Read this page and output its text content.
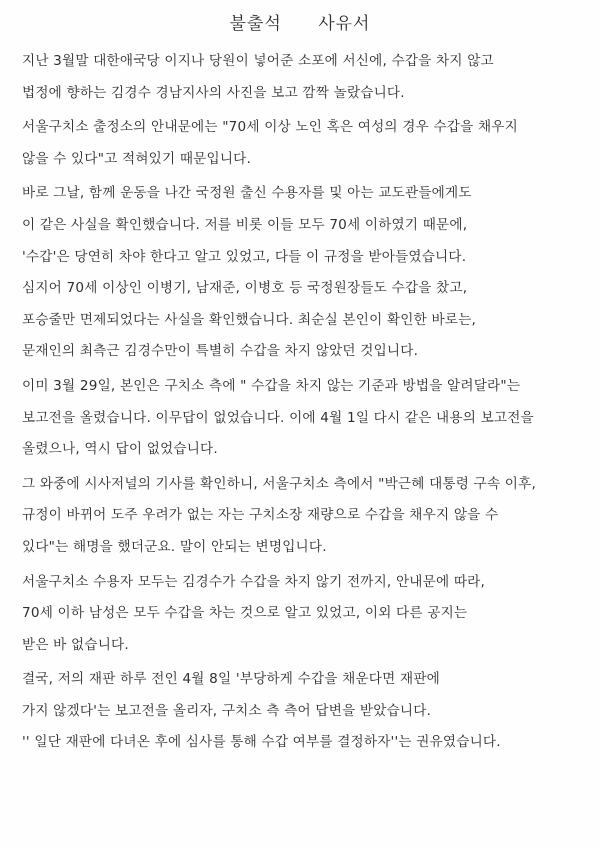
불출석 사유서
지난 3월말 대한애국당 이지나 당원이 넣어준 소포에 서신에, 수갑을 차지 않고
법정에 향하는 김경수 경남지사의 사진을 보고 깜짝 놀랐습니다.
서울구치소 출정소의 안내문에는 "70세 이상 노인 혹은 여성의 경우 수갑을 채우지
않을 수 있다"고 적혀있기 때문입니다.
바로 그날, 함께 운동을 나간 국정원 출신 수용자를 및 아는 교도관들에게도
이 같은 사실을 확인했습니다. 저를 비롯 이들 모두 70세 이하였기 때문에,
'수갑'은 당연히 차야 한다고 알고 있었고, 다들 이 규정을 받아들였습니다.
심지어 70세 이상인 이병기, 남재준, 이병호 등 국정원장들도 수갑을 찼고,
포승줄만 면제되었다는 사실을 확인했습니다. 최순실 본인이 확인한 바로는,
문재인의 최측근 김경수만이 특별히 수갑을 차지 않았던 것입니다.
이미 3월 29일, 본인은 구치소 측에 " 수갑을 차지 않는 기준과 방법을 알려달라"는
보고전을 올렸습니다. 이무답이 없었습니다. 이에 4월 1일 다시 같은 내용의 보고전을
올렸으나, 역시 답이 없었습니다.
그 와중에 시사저널의 기사를 확인하니, 서울구치소 측에서 "박근혜 대통령 구속 이후,
규정이 바뀌어 도주 우려가 없는 자는 구치소장 재량으로 수갑을 채우지 않을 수
있다"는 해명을 했더군요. 말이 안되는 변명입니다.
서울구치소 수용자 모두는 김경수가 수갑을 차지 않기 전까지, 안내문에 따라,
70세 이하 남성은 모두 수갑을 차는 것으로 알고 있었고, 이외 다른 공지는
받은 바 없습니다.
결국, 저의 재판 하루 전인 4월 8일 '부당하게 수갑을 채운다면 재판에
가지 않겠다'는 보고전을 올리자, 구치소 측 측어 답변을 받았습니다.
'' 일단 재판에 다녀온 후에 심사를 통해 수갑 여부를 결정하자''는 권유였습니다.
